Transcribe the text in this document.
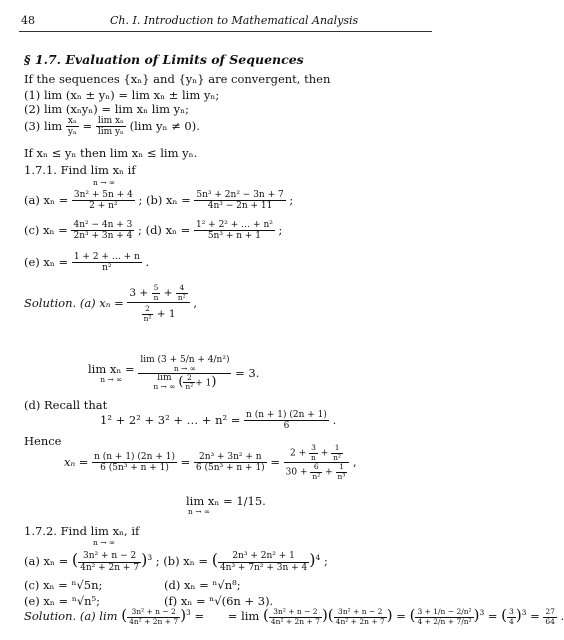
48	Ch. I. Introduction to Mathematical Analysis
§ 1.7. Evaluation of Limits of Sequences
If the sequences {xₙ} and {yₙ} are convergent, then
(1) lim (xₙ ± yₙ) = lim xₙ ± lim yₙ;
(2) lim (xₙyₙ) = lim xₙ lim yₙ;
(3) $\lim \frac{\text{xₙ}}{\text{yₙ}} = \frac{\text{lim xₙ}}{\text{lim yₙ}} (\lim$ yₙ ≠ 0).
If xₙ ≤ yₙ then lim xₙ ≤ lim yₙ.
1.7.1. Find lim xₙ if
n → ∞
(a) $x_n = \frac{\text{3n² + 5n + 4}}{\text{2 + n²}}$ ; (b) $x_n = \frac{\text{5n³ + 2n² − 3n + 7}}{\text{4n³ − 2n + 11}}$ ;
(c) $x_n = \frac{\text{4n² − 4n + 3}}{\text{2n³ + 3n + 4}}$ ; (d) $x_n = \frac{\text{1² + 2² + … + n²}}{\text{5n³ + n + 1}}$ ;
(e) $x_n = \frac{1 + 2 + \dots + n}{\text{n²}}$ .
Solution. (a) $x_n = \frac{3 + \frac{5}{n} + \frac{4}{\text{n²}}}{\frac{2}{\text{n²}} + 1}$ ,
lim xₙ =
n → ∞
	lim (3 + 5/n + 4/n²)
n → ∞
lim
n → ∞ ( $\frac{2}{\text{n²}} + 1) = 3$.
(d) Recall that
1² + 2² + 3² + … + $n^2 = \frac{n (n + 1) (2n + 1)}{6}$ .
Hence
$x_n = \frac{n (n + 1) (2n + 1)}{\text{6 (5n³ + n + 1)}} = \frac{\text{2n³ + 3n² + n}}{\text{6 (5n³ + n + 1)}} = \frac{2 + \frac{3}{n} + \frac{1}{\text{n²}}}{30 + \frac{6}{\text{n²}} + \frac{1}{\text{n³}}}$ ,
lim xₙ = 1/15.
n → ∞
1.7.2. Find lim xₙ, if
n → ∞
(a) xₙ = ( $\frac{\text{3n² + n − 2}}{\text{4n² + 2n + 7}} )^3$ ; (b) xₙ = ( $\frac{\text{2n³ + 2n² + 1}}{\text{4n³ + 7n² + 3n + 4}} )^4$ ;
(c) xₙ = ⁿ√5n;	(d) xₙ = ⁿ√n⁸;
(e) xₙ = ⁿ√n⁵;	(f) xₙ = ⁿ√(6n + 3).
Solution. (a) lim ( $\frac{\text{3n² + n − 2}}{\text{4n² + 2n + 7}} )^3$ = = lim ( $\frac{\text{3n² + n − 2}}{\text{4n² + 2n + 7}}$ )( $\frac{\text{3n² + n − 2}}{\text{4n² + 2n + 7}}$ ) = ( $\frac{\text{3 + 1/n − 2/n²}}{\text{4 + 2/n + 7/n²}} )^3$ = ( $\frac{3}{4} )^3 = \frac{27}{64}$ .
